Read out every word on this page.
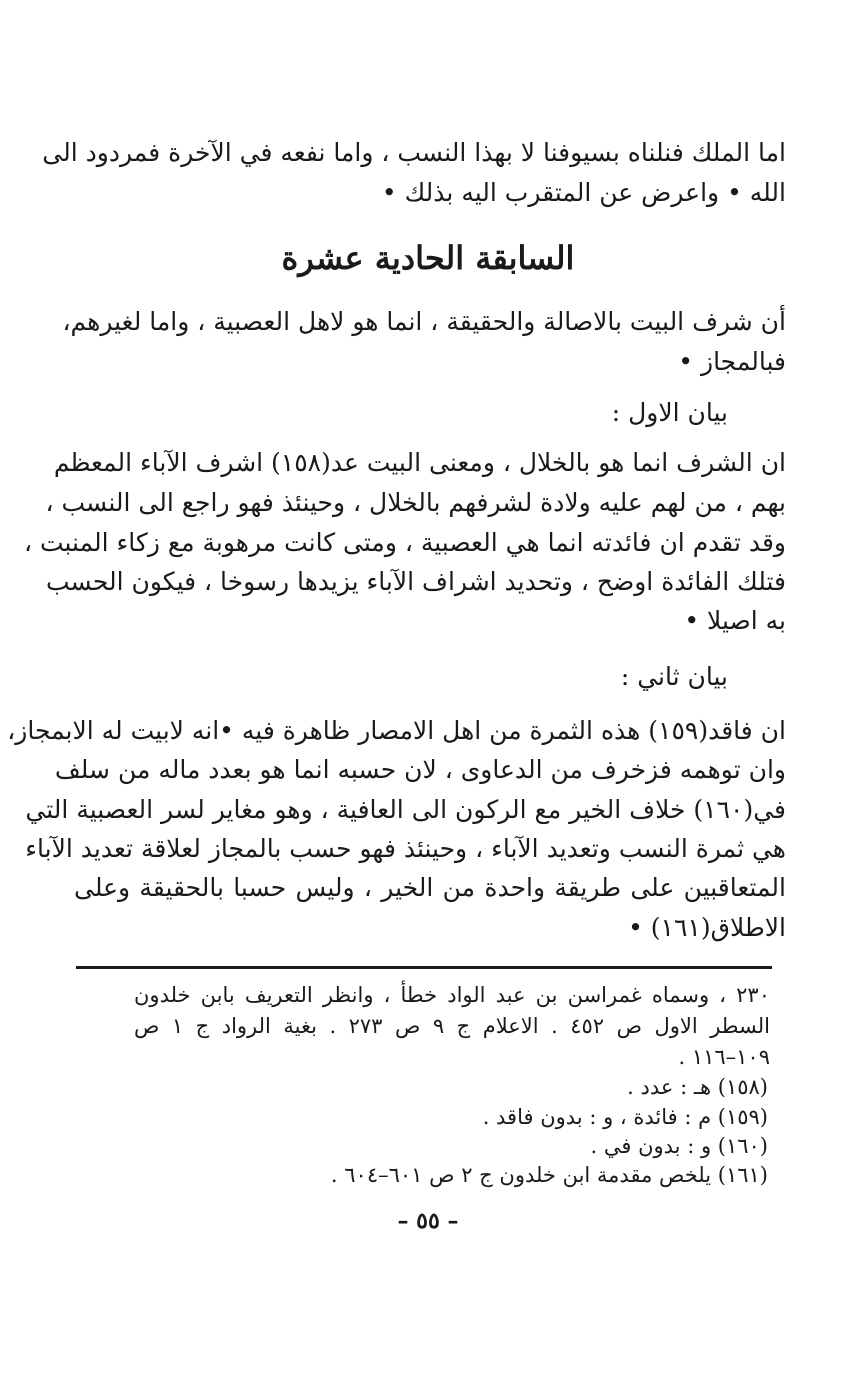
اما الملك فنلناه بسيوفنا لا بهذا النسب ، واما نفعه في الآخرة فمردود الى
الله • واعرض عن المتقرب اليه بذلك •
السابقة الحادية عشرة
أن شرف البيت بالاصالة والحقيقة ، انما هو لاهل العصبية ، واما لغيرهم،
فبالمجاز •
بيان الاول :
ان الشرف انما هو بالخلال ، ومعنى البيت عد(١٥٨) اشرف الآباء المعظم
بهم ، من لهم عليه ولادة لشرفهم بالخلال ، وحينئذ فهو راجع الى النسب ،
وقد تقدم ان فائدته انما هي العصبية ، ومتى كانت مرهوبة مع زكاء المنبت ،
فتلك الفائدة اوضح ، وتحديد اشراف الآباء يزيدها رسوخا ، فيكون الحسب
به اصيلا •
بيان ثاني :
ان فاقد(١٥٩) هذه الثمرة من اهل الامصار ظاهرة فيه •انه لابيت له الابمجاز،
وان توهمه فزخرف من الدعاوى ، لان حسبه انما هو بعدد ماله من سلف
في(١٦٠) خلاف الخير مع الركون الى العافية ، وهو مغاير لسر العصبية التي
هي ثمرة النسب وتعديد الآباء ، وحينئذ فهو حسب بالمجاز لعلاقة تعديد الآباء
المتعاقبين على طريقة واحدة من الخير ، وليس حسبا بالحقيقة وعلى
الاطلاق(١٦١) •
٢٣٠ ، وسماه غمراسن بن عبد الواد خطأ ، وانظر التعريف بابن خلدون
السطر الاول ص ٤٥٢ . الاعلام ج ٩ ص ٢٧٣ . بغية الرواد ج ١ ص
١٠٩–١١٦ .
(١٥٨) هـ : عدد .
(١٥٩) م : فائدة ، و : بدون فاقد .
(١٦٠) و : بدون في .
(١٦١) يلخص مقدمة ابن خلدون ج ٢ ص ٦٠١–٦٠٤ .
– ٥٥ –
